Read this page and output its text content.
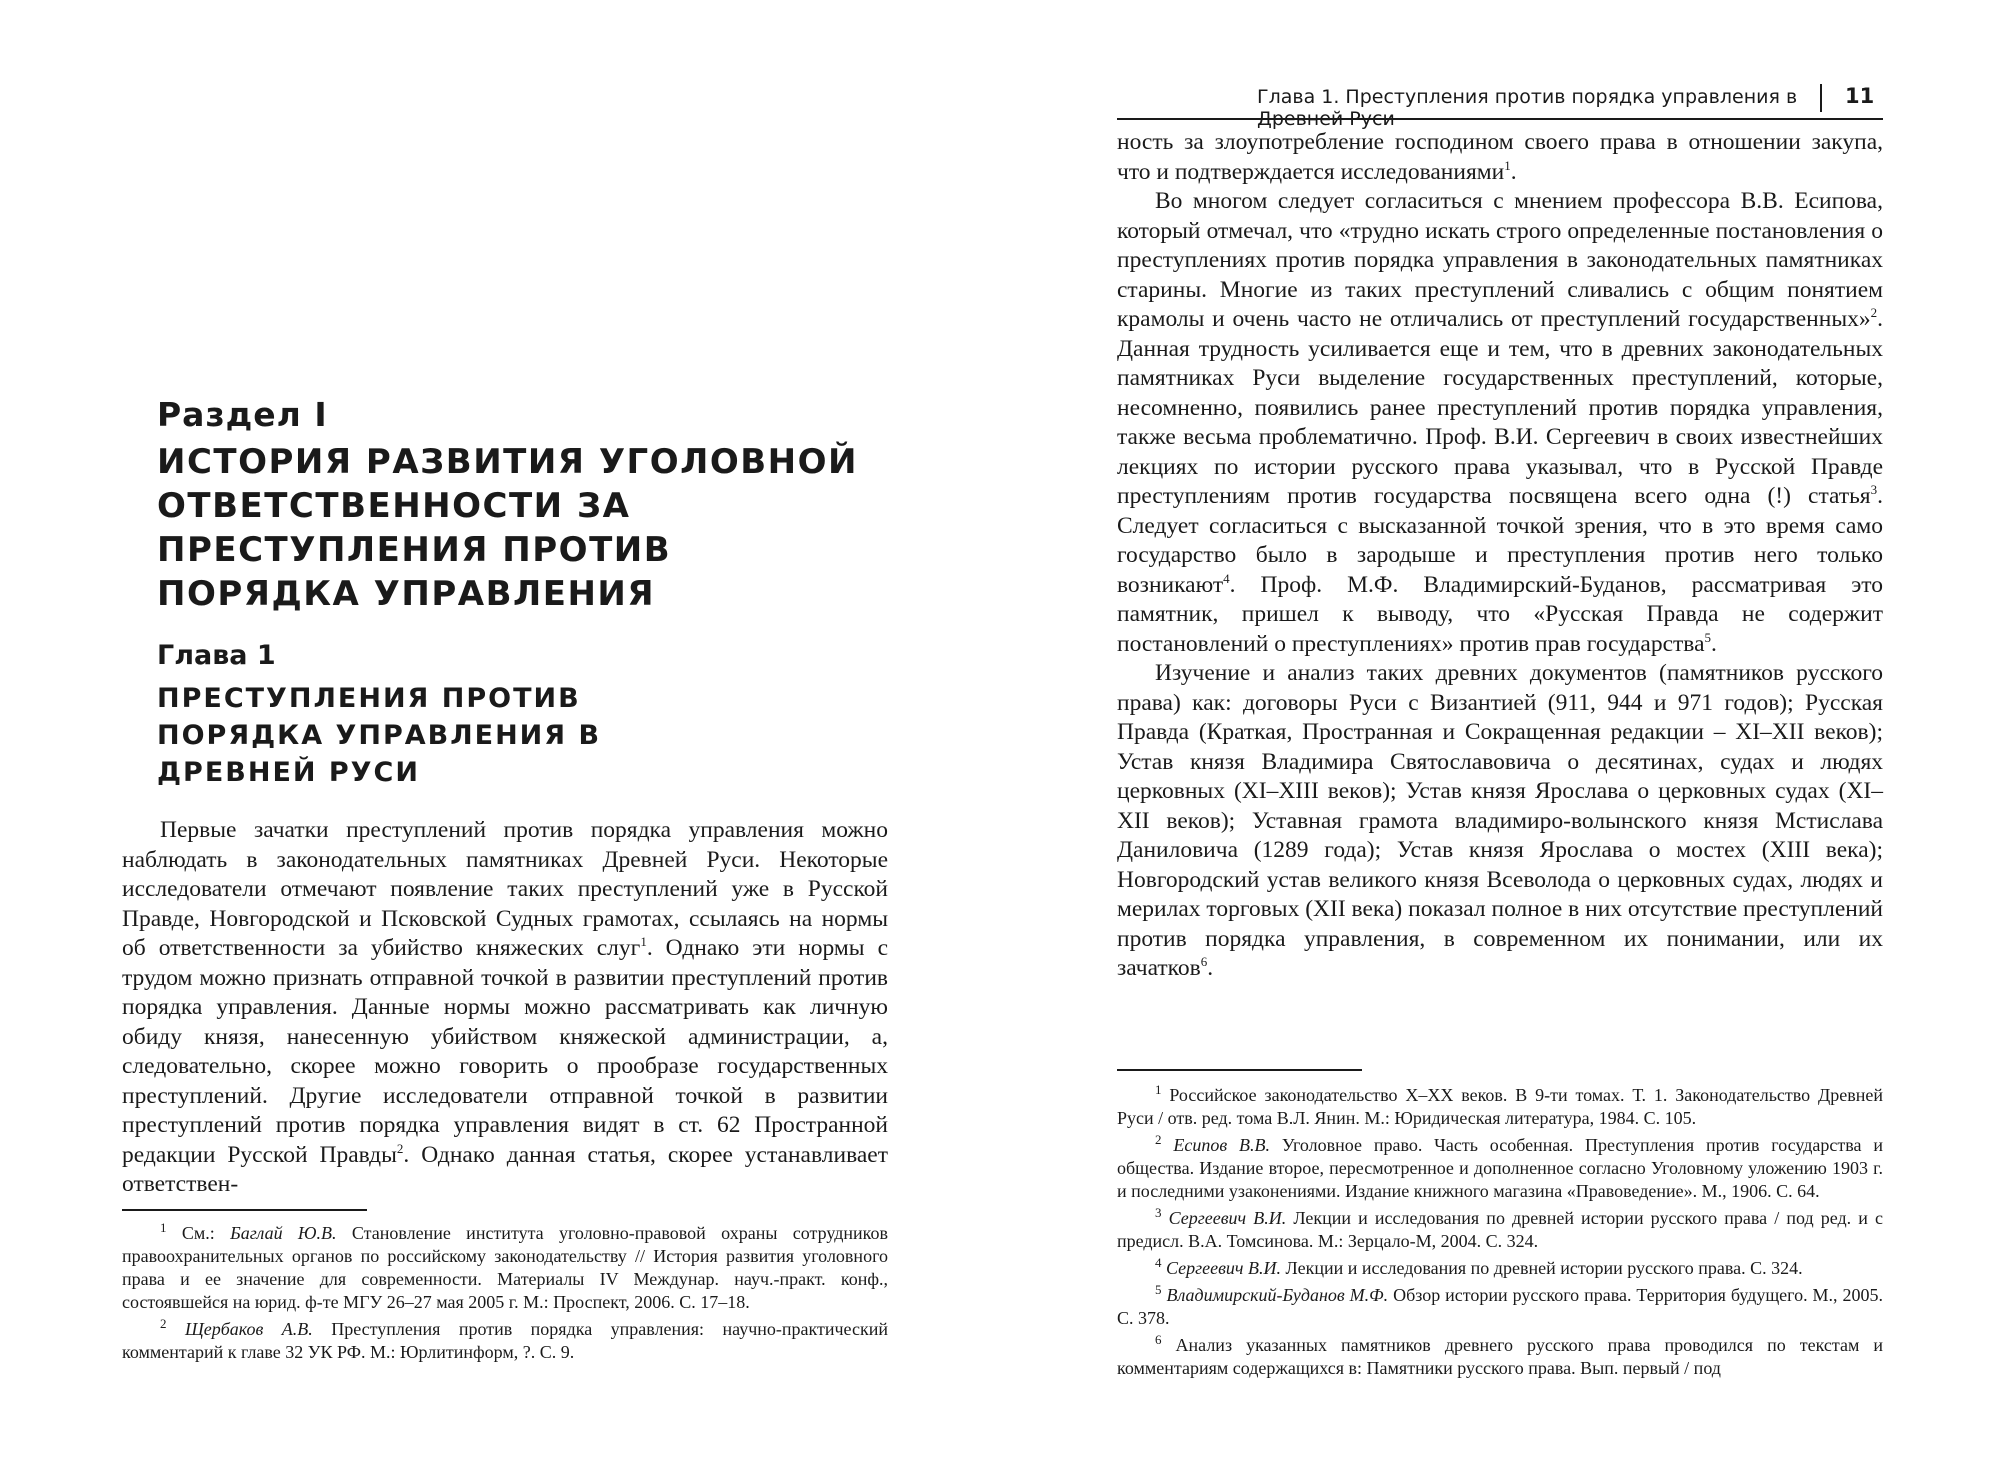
Раздел I
ИСТОРИЯ РАЗВИТИЯ УГОЛОВНОЙ ОТВЕТСТВЕННОСТИ ЗА ПРЕСТУПЛЕНИЯ ПРОТИВ ПОРЯДКА УПРАВЛЕНИЯ
Глава 1
ПРЕСТУПЛЕНИЯ ПРОТИВ ПОРЯДКА УПРАВЛЕНИЯ В ДРЕВНЕЙ РУСИ

Первые зачатки преступлений против порядка управления можно наблюдать в законодательных памятниках Древней Руси. Некоторые исследователи отмечают появление таких преступлений уже в Русской Правде, Новгородской и Псковской Судных грамотах, ссылаясь на нормы об ответственности за убийство княжеских слуг$^1$. Однако эти нормы с трудом можно признать отправной точкой в развитии преступлений против порядка управления. Данные нормы можно рассматривать как личную обиду князя, нанесенную убийством княжеской администрации, а, следовательно, скорее можно говорить о прообразе государственных преступлений. Другие исследователи отправной точкой в развитии преступлений против порядка управления видят в ст. 62 Пространной редакции Русской Правды$^2$. Однако данная статья, скорее устанавливает ответствен-

$^1$ См.: Баглай Ю.В. Становление института уголовно-правовой охраны сотрудников правоохранительных органов по российскому законодательству // История развития уголовного права и ее значение для современности. Материалы IV Междунар. науч.-практ. конф., состоявшейся на юрид. ф-те МГУ 26–27 мая 2005 г. М.: Проспект, 2006. С. 17–18.

$^2$ Щербаков А.В. Преступления против порядка управления: научно-практический комментарий к главе 32 УК РФ. М.: Юрлитинформ, ?. С. 9.

Глава 1. Преступления против порядка управления в Древней Руси
11

ность за злоупотребление господином своего права в отношении закупа, что и подтверждается исследованиями$^1$.

Во многом следует согласиться с мнением профессора В.В. Есипова, который отмечал, что «трудно искать строго определенные постановления о преступлениях против порядка управления в законодательных памятниках старины. Многие из таких преступлений сливались с общим понятием крамолы и очень часто не отличались от преступлений государственных»$^2$. Данная трудность усиливается еще и тем, что в древних законодательных памятниках Руси выделение государственных преступлений, которые, несомненно, появились ранее преступлений против порядка управления, также весьма проблематично. Проф. В.И. Сергеевич в своих известнейших лекциях по истории русского права указывал, что в Русской Правде преступлениям против государства посвящена всего одна (!) статья$^3$. Следует согласиться с высказанной точкой зрения, что в это время само государство было в зародыше и преступления против него только возникают$^4$. Проф. М.Ф. Владимирский-Буданов, рассматривая это памятник, пришел к выводу, что «Русская Правда не содержит постановлений о преступлениях» против прав государства$^5$.

Изучение и анализ таких древних документов (памятников русского права) как: договоры Руси с Византией (911, 944 и 971 годов); Русская Правда (Краткая, Пространная и Сокращенная редакции – XI–XII веков); Устав князя Владимира Святославовича о десятинах, судах и людях церковных (XI–XIII веков); Устав князя Ярослава о церковных судах (XI–XII веков); Уставная грамота владимиро-волынского князя Мстислава Даниловича (1289 года); Устав князя Ярослава о мостех (XIII века); Новгородский устав великого князя Всеволода о церковных судах, людях и мерилах торговых (XII века) показал полное в них отсутствие преступлений против порядка управления, в современном их понимании, или их зачатков$^6$.

$^1$ Российское законодательство X–XX веков. В 9-ти томах. Т. 1. Законодательство Древней Руси / отв. ред. тома В.Л. Янин. М.: Юридическая литература, 1984. С. 105.

$^2$ Есипов В.В. Уголовное право. Часть особенная. Преступления против государства и общества. Издание второе, пересмотренное и дополненное согласно Уголовному уложению 1903 г. и последними узаконениями. Издание книжного магазина «Правоведение». М., 1906. С. 64.

$^3$ Сергеевич В.И. Лекции и исследования по древней истории русского права / под ред. и с предисл. В.А. Томсинова. М.: Зерцало-М, 2004. С. 324.

$^4$ Сергеевич В.И. Лекции и исследования по древней истории русского права. С. 324.

$^5$ Владимирский-Буданов М.Ф. Обзор истории русского права. Территория будущего. М., 2005. С. 378.

$^6$ Анализ указанных памятников древнего русского права проводился по текстам и комментариям содержащихся в: Памятники русского права. Вып. первый / под
